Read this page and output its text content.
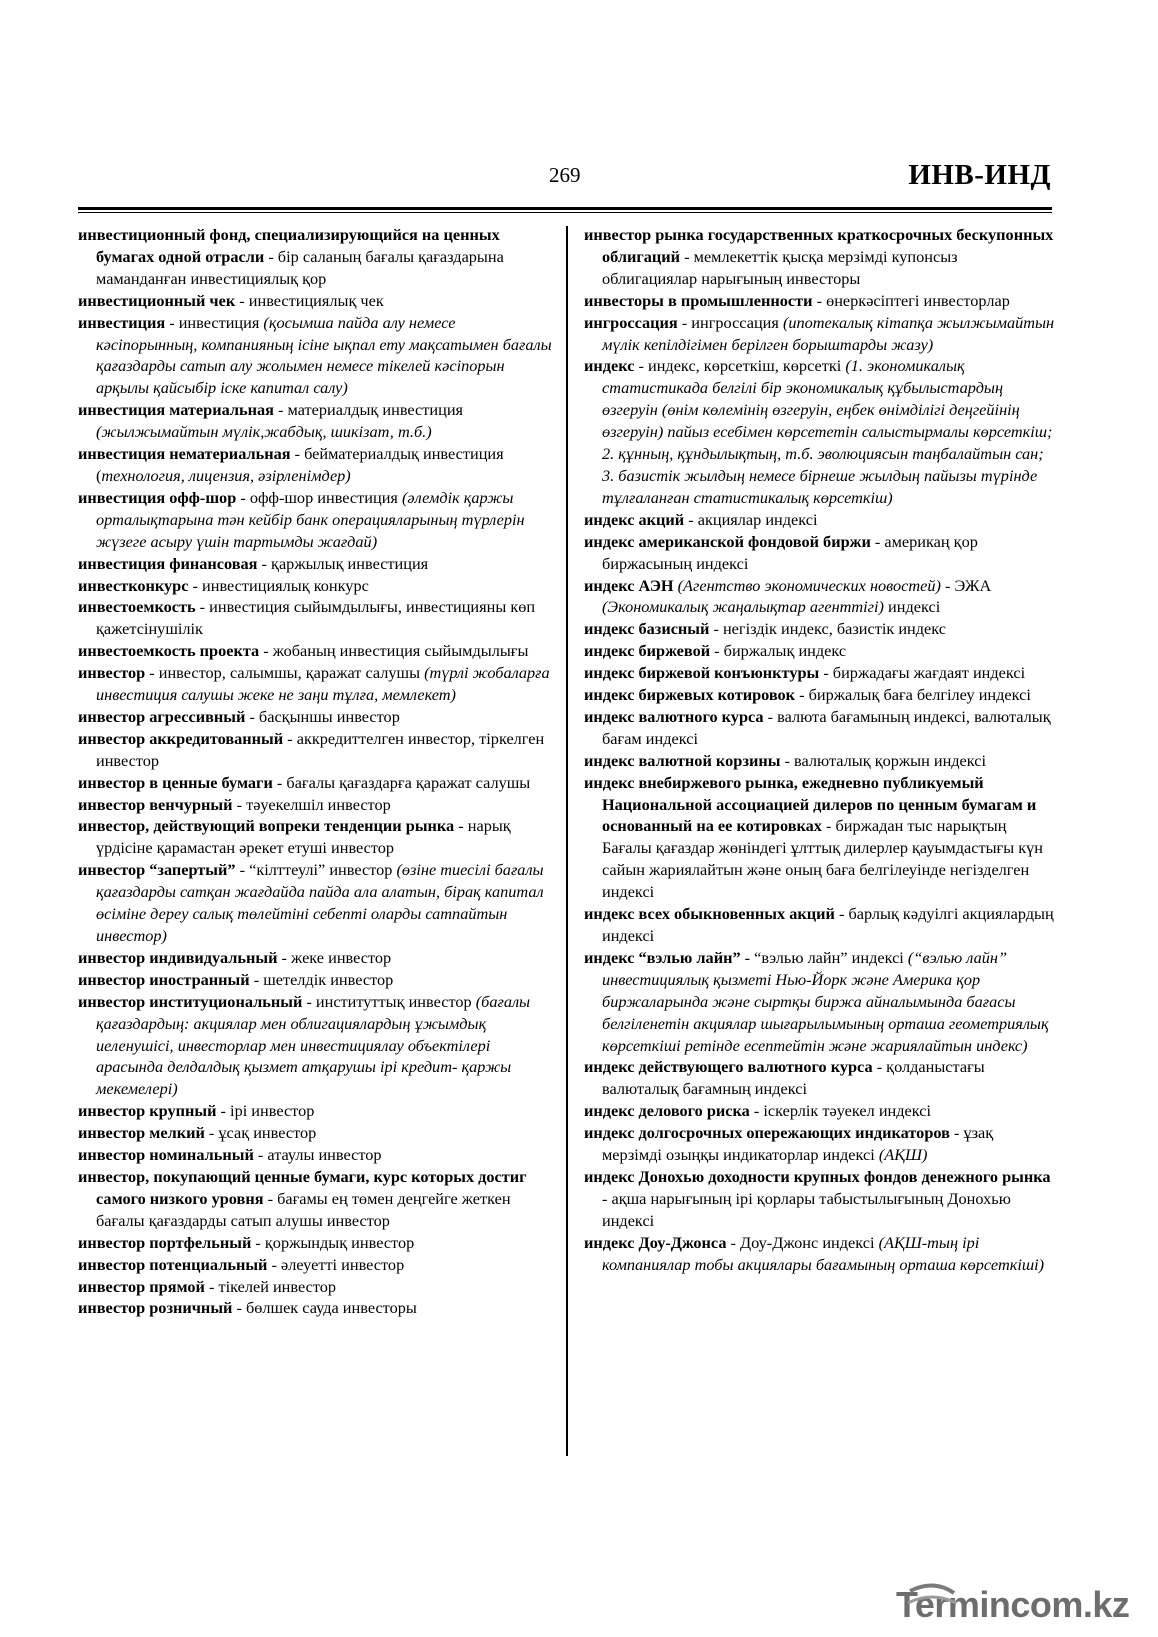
269	ИНВ-ИНД

инвестиционный фонд, специализирующийся на ценных бумагах одной отрасли - бір саланың бағалы қағаздарына маманданған инвестициялық қор

инвестиционный чек - инвестициялық чек

инвестиция - инвестиция (қосымша пайда алу немесе кәсіпорынның, компанияның ісіне ықпал ету мақсатымен бағалы қағаздарды сатып алу жолымен немесе тікелей кәсіпорын арқылы қайсыбір іске капитал салу)

инвестиция материальная - материалдық инвестиция (жылжымайтын мүлік,жабдық, шикізат, т.б.)

инвестиция нематериальная - бейматериалдық инвестиция (технология, лицензия, әзірленімдер)

инвестиция офф-шор - офф-шор инвестиция (әлемдік қаржы орталықтарына тән кейбір банк операцияларының түрлерін жүзеге асыру үшін тартымды жағдай)

инвестиция финансовая - қаржылық инвестиция

инвестконкурс - инвестициялық конкурс

инвестоемкость - инвестиция сыйымдылығы, инвестицияны көп қажетсінушілік

инвестоемкость проекта - жобаның инвестиция сыйымдылығы

инвестор - инвестор, салымшы, қаражат салушы (түрлі жобаларға инвестиция салушы жеке не заңи тұлға, мемлекет)

инвестор агрессивный - басқыншы инвестор

инвестор аккредитованный - аккредиттелген инвестор, тіркелген инвестор

инвестор в ценные бумаги - бағалы қағаздарға қаражат салушы

инвестор венчурный - тәуекелшіл инвестор

инвестор, действующий вопреки тенденции рынка - нарық үрдісіне қарамастан әрекет етуші инвестор

инвестор “запертый” - “кілттеулі” инвестор (өзіне тиесілі бағалы қағаздарды сатқан жағдайда пайда ала алатын, бірақ капитал өсіміне дереу салық төлейтіні себепті оларды сатпайтын инвестор)

инвестор индивидуальный - жеке инвестор

инвестор иностранный - шетелдік инвестор

инвестор институциональный - институттық инвестор (бағалы қағаздардың: акциялар мен облигациялардың ұжымдық иеленушісі, инвесторлар мен инвестициялау объектілері арасында делдалдық қызмет атқарушы ірі кредит- қаржы мекемелері)

инвестор крупный - ірі инвестор

инвестор мелкий - ұсақ инвестор

инвестор номинальный - атаулы инвестор

инвестор, покупающий ценные бумаги, курс которых достиг самого низкого уровня - бағамы ең төмен деңгейге жеткен бағалы қағаздарды сатып алушы инвестор

инвестор портфельный - қоржындық инвестор

инвестор потенциальный - әлеуетті инвестор

инвестор прямой - тікелей инвестор

инвестор розничный - бөлшек сауда инвесторы

инвестор рынка государственных краткосрочных бескупонных облигаций - мемлекеттік қысқа мерзімді купонсыз облигациялар нарығының инвесторы

инвесторы в промышленности - өнеркәсіптегі инвесторлар

ингроссация - ингроссация (ипотекалық кітапқа жылжымайтын мүлік кепілдігімен берілген борыштарды жазу)

индекс - индекс, көрсеткіш, көрсеткі (1. экономикалық статистикада белгілі бір экономикалық құбылыстардың өзгеруін (өнім көлемінің өзгеруін, еңбек өнімділігі деңгейінің өзгеруін) пайыз есебімен көрсететін салыстырмалы көрсеткіш; 2. құнның, құндылықтың, т.б. эволюциясын таңбалайтын сан; 3. базистік жылдың немесе бірнеше жылдың пайызы түрінде тұлғаланған статистикалық көрсеткіш)

индекс акций - акциялар индексі

индекс американской фондовой биржи - америкаң қор биржасының индексі

индекс АЭН (Агентство экономических новостей) - ЭЖА (Экономикалық жаңалықтар агенттігі) индексі

индекс базисный - негіздік индекс, базистік индекс

индекс биржевой - биржалық индекс

индекс биржевой конъюнктуры - биржадағы жағдаят индексі

индекс биржевых котировок - биржалық баға белгілеу индексі

индекс валютного курса - валюта бағамының индексі, валюталық бағам индексі

индекс валютной корзины - валюталық қоржын индексі

индекс внебиржевого рынка, ежедневно публикуемый Национальной ассоциацией дилеров по ценным бумагам и основанный на ее котировках - биржадан тыс нарықтың Бағалы қағаздар жөніндегі ұлттық дилерлер қауымдастығы күн сайын жариялайтын және оның баға белгілеуінде негізделген индексі

индекс всех обыкновенных акций - барлық кәдуілгі акциялардың индексі

индекс “вэлью лайн” - “вэлью лайн” индексі (“вэлью лайн” инвестициялық қызметі Нью-Йорк және Америка қор биржаларында және сыртқы биржа айналымында бағасы белгіленетін акциялар шығарылымының орташа геометриялық көрсеткіші ретінде есептейтін және жариялайтын индекс)

индекс действующего валютного курса - қолданыстағы валюталық бағамның индексі

индекс делового риска - іскерлік тәуекел индексі

индекс долгосрочных опережающих индикаторов - ұзақ мерзімді озыңқы индикаторлар индексі (АҚШ)

индекс Донохью доходности крупных фондов денежного рынка - ақша нарығының ірі қорлары табыстылығының Донохью индексі

индекс Доу-Джонса - Доу-Джонс индексі (АҚШ-тың ірі компаниялар тобы акциялары бағамының орташа көрсеткіші)

Termincom.kz
